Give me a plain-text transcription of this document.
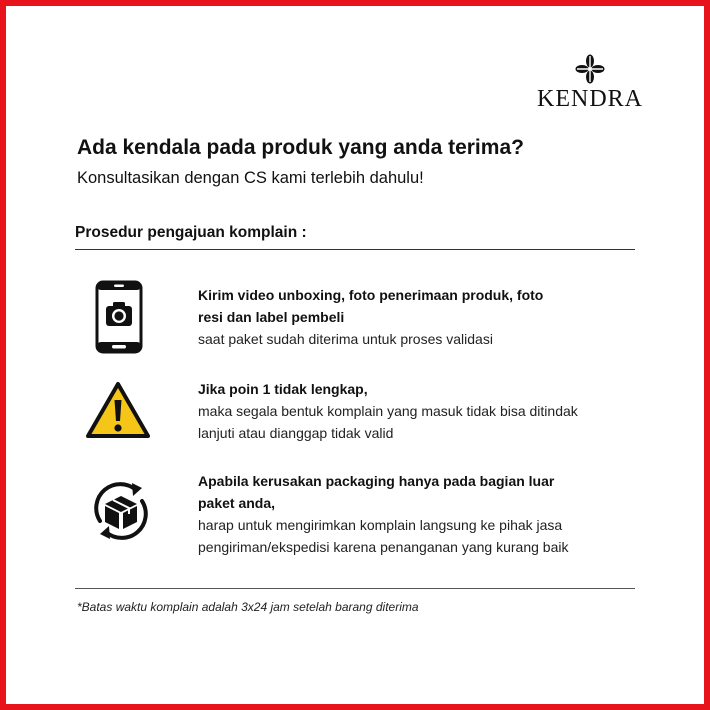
KENDRA
Ada kendala pada produk yang anda terima?

Konsultasikan dengan CS kami terlebih dahulu!

Prosedur pengajuan komplain :
Kirim video unboxing, foto penerimaan produk, foto
resi dan label pembeli
saat paket sudah diterima untuk proses validasi
Jika poin 1 tidak lengkap,
maka segala bentuk komplain yang masuk tidak bisa ditindak
lanjuti atau dianggap tidak valid
Apabila kerusakan packaging hanya pada bagian luar
paket anda,
harap untuk mengirimkan komplain langsung ke pihak jasa
pengiriman/ekspedisi karena penanganan yang kurang baik

*Batas waktu komplain adalah 3x24 jam setelah barang diterima
